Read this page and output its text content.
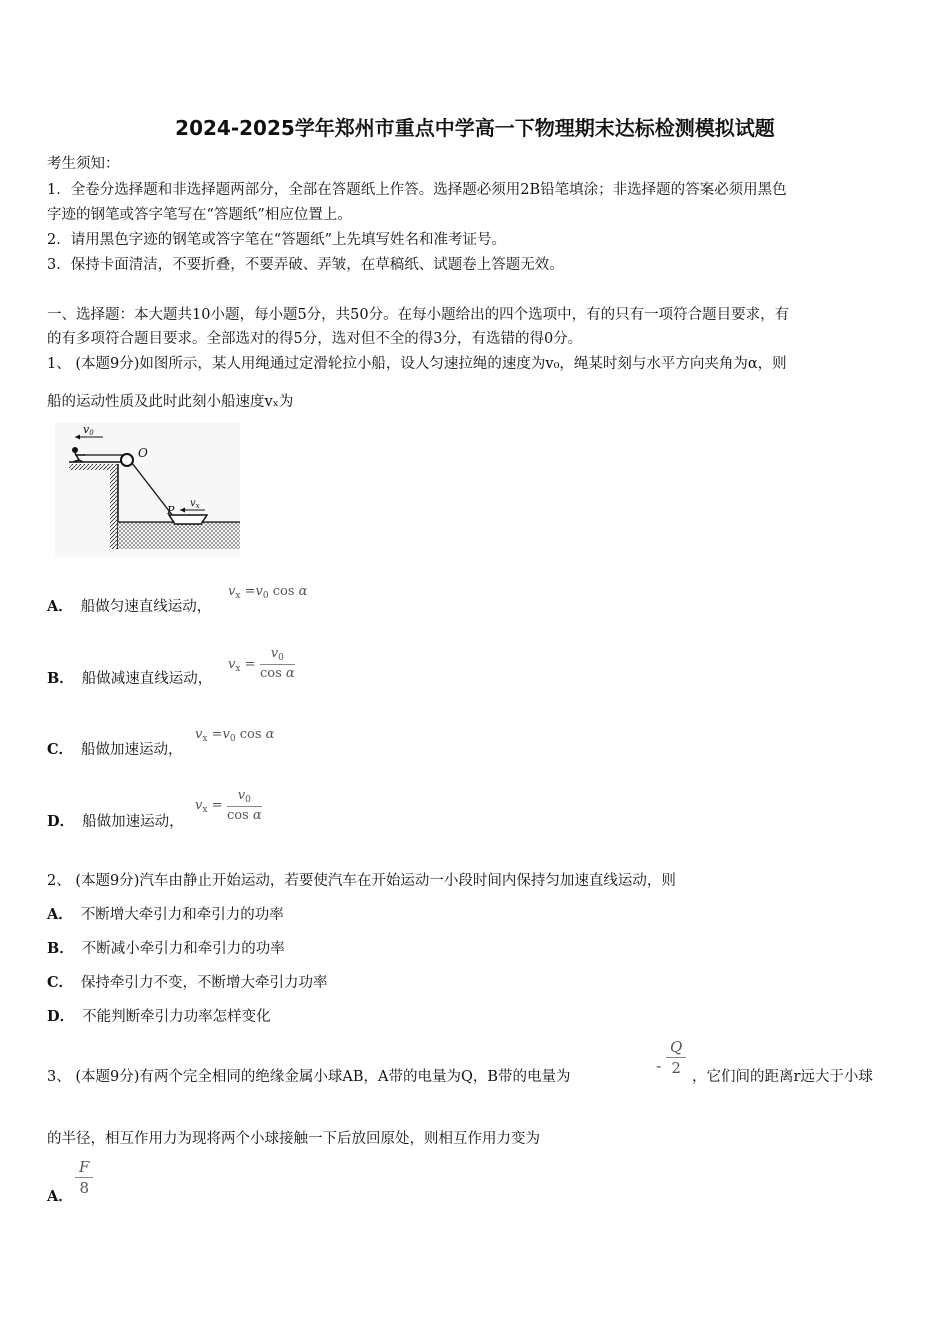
2024-2025学年郑州市重点中学高一下物理期末达标检测模拟试题
考生须知：
1．全卷分选择题和非选择题两部分，全部在答题纸上作答。选择题必须用2B铅笔填涂；非选择题的答案必须用黑色
字迹的钢笔或答字笔写在“答题纸”相应位置上。
2．请用黑色字迹的钢笔或答字笔在“答题纸”上先填写姓名和准考证号。
3．保持卡面清洁，不要折叠，不要弄破、弄皱，在草稿纸、试题卷上答题无效。
一、选择题：本大题共10小题，每小题5分，共50分。在每小题给出的四个选项中，有的只有一项符合题目要求，有
的有多项符合题目要求。全部选对的得5分，选对但不全的得3分，有选错的得0分。
1、 (本题9分)如图所示，某人用绳通过定滑轮拉小船，设人匀速拉绳的速度为v₀，绳某时刻与水平方向夹角为α，则
船的运动性质及此时此刻小船速度vₓ为
v0
O
P
$v_x$
A． 船做匀速直线运动，
$v_x =v_0$ cos α
B． 船做减速直线运动，
$v_x = \frac{v_0}{\text{cos α}}$
C． 船做加速运动，
$v_x =v_0$ cos α
D． 船做加速运动，
$v_x = \frac{v_0}{\text{cos α}}$
2、 (本题9分)汽车由静止开始运动，若要使汽车在开始运动一小段时间内保持匀加速直线运动，则
A． 不断增大牵引力和牵引力的功率
B． 不断减小牵引力和牵引力的功率
C． 保持牵引力不变，不断增大牵引力功率
D． 不能判断牵引力功率怎样变化
3、 (本题9分)有两个完全相同的绝缘金属小球AB，A带的电量为Q，B带的电量为
- $\frac{Q}{2}$ ，它们间的距离r远大于小球
的半径，相互作用力为现将两个小球接触一下后放回原处，则相互作用力变为
A． $\frac{F}{8}$
